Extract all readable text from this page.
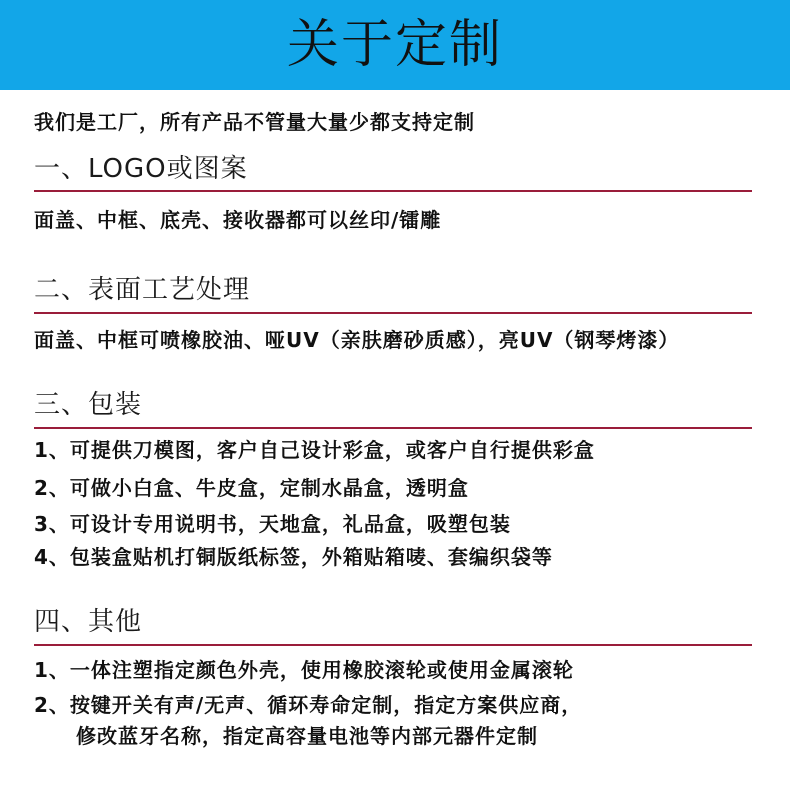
关于定制
我们是工厂，所有产品不管量大量少都支持定制
一、LOGO或图案
面盖、中框、底壳、接收器都可以丝印/镭雕
二、表面工艺处理
面盖、中框可喷橡胶油、哑UV（亲肤磨砂质感），亮UV（钢琴烤漆）
三、包装
1、可提供刀模图，客户自己设计彩盒，或客户自行提供彩盒
2、可做小白盒、牛皮盒，定制水晶盒，透明盒
3、可设计专用说明书，天地盒，礼品盒，吸塑包装
4、包装盒贴机打铜版纸标签，外箱贴箱唛、套编织袋等
四、其他
1、一体注塑指定颜色外壳，使用橡胶滚轮或使用金属滚轮
2、按键开关有声/无声、循环寿命定制，指定方案供应商，
　　修改蓝牙名称，指定高容量电池等内部元器件定制
